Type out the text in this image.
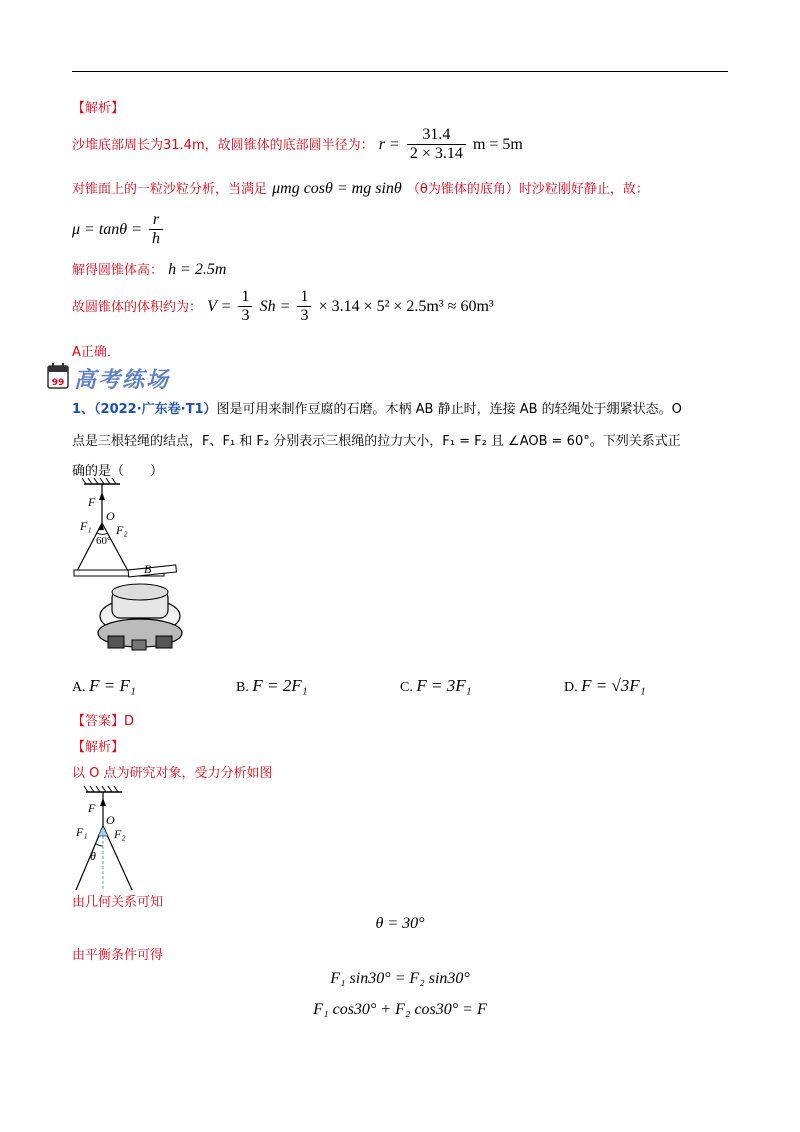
【解析】
沙堆底部周长为31.4m，故圆锥体的底部圆半径为： $r = \frac{31.4}{2 \times 3.14}$ m = 5m
对锥面上的一粒沙粒分析，当满足 μmg cosθ = mg sinθ （θ为锥体的底角）时沙粒刚好静止，故：
$\mu = \tan\theta = \frac{r}{h}$
解得圆锥体高： h = 2.5m
故圆锥体的体积约为： $V = \frac{1}{3}$ $Sh = \frac{1}{3} \times 3.14 \times 5^2 \times 2.5m^3 \approx 60m^3$
A正确．
99 高考练场
1、（2022·广东卷·T1）图是可用来制作豆腐的石磨。木柄 AB 静止时，连接 AB 的轻绳处于绷紧状态。O
点是三根轻绳的结点，F、F₁ 和 F₂ 分别表示三根绳的拉力大小，F₁ = F₂ 且 ∠AOB = 60°。下列关系式正
确的是（　　）
F
O
F₁ F₂
60°
B
A. F = F₁	B. F = 2F₁	C. F = 3F₁	D. F = √3F₁
【答案】D
【解析】
以 O 点为研究对象，受力分析如图
F
O
F₁ F₂
θ
由几何关系可知
θ = 30°
由平衡条件可得
F₁ sin30° = F₂ sin30°
F₁ cos30° + F₂ cos30° = F
